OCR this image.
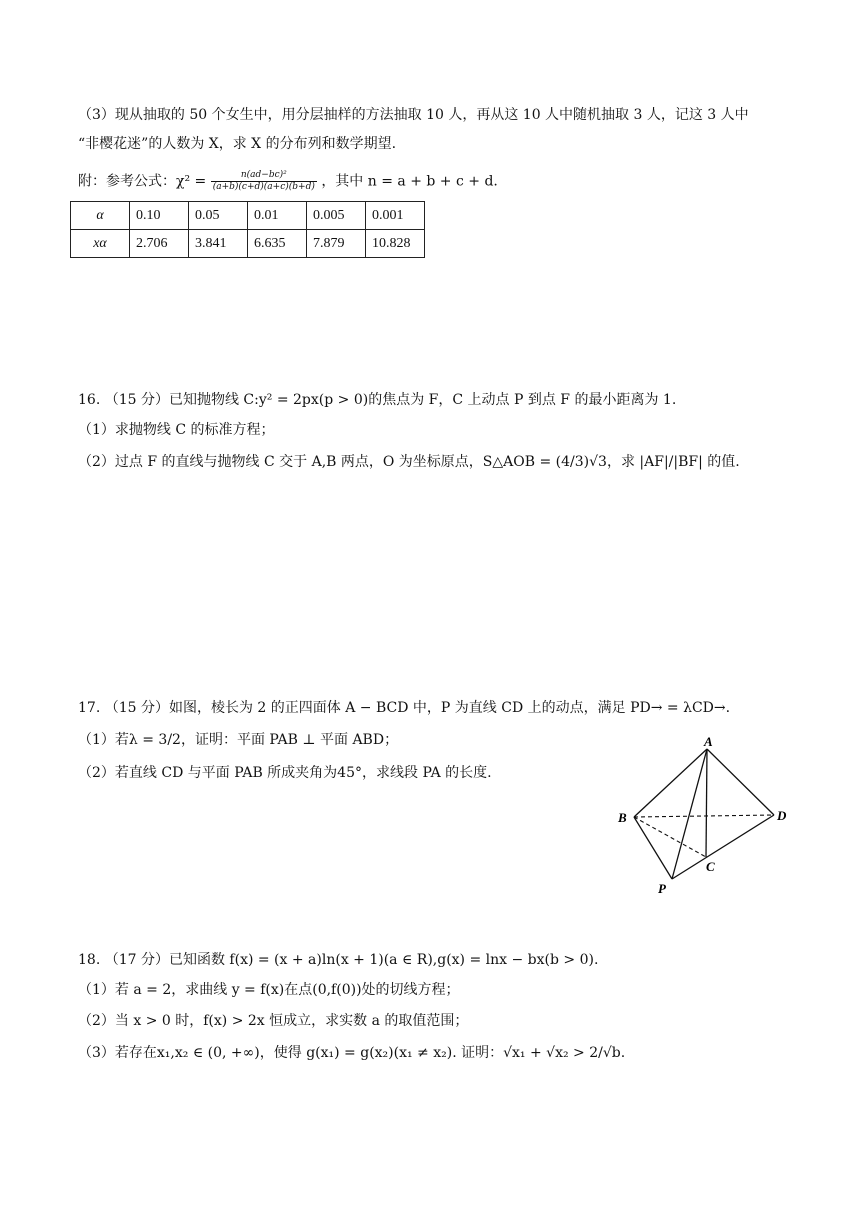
（3）现从抽取的 50 个女生中，用分层抽样的方法抽取 10 人，再从这 10 人中随机抽取 3 人，记这 3 人中
“非樱花迷”的人数为 X，求 X 的分布列和数学期望.
附：参考公式：$\chi^2 = \frac{\text{n(ad−bc)²}}{(a+b)(c+d)(a+c)(b+d)}$ ，其中 n = a + b + c + d.
α	0.10	0.05	0.01	0.005	0.001
xα	2.706	3.841	6.635	7.879	10.828
16. （15 分）已知抛物线 C:y² = 2px(p > 0)的焦点为 F，C 上动点 P 到点 F 的最小距离为 1.
（1）求抛物线 C 的标准方程；
（2）过点 F 的直线与抛物线 C 交于 A,B 两点，O 为坐标原点，S△AOB = (4/3)√3，求 |AF|/|BF| 的值.
17. （15 分）如图，棱长为 2 的正四面体 A − BCD 中，P 为直线 CD 上的动点，满足 PD→ = λCD→.
（1）若λ = 3/2，证明：平面 PAB ⊥ 平面 ABD；
（2）若直线 CD 与平面 PAB 所成夹角为45°，求线段 PA 的长度.
A
B
C
D
P
18. （17 分）已知函数 f(x) = (x + a)ln(x + 1)(a ∈ R),g(x) = lnx − bx(b > 0).
（1）若 a = 2，求曲线 y = f(x)在点(0,f(0))处的切线方程；
（2）当 x > 0 时，f(x) > 2x 恒成立，求实数 a 的取值范围；
（3）若存在x₁,x₂ ∈ (0, +∞)，使得 g(x₁) = g(x₂)(x₁ ≠ x₂). 证明：√x₁ + √x₂ > 2/√b.
